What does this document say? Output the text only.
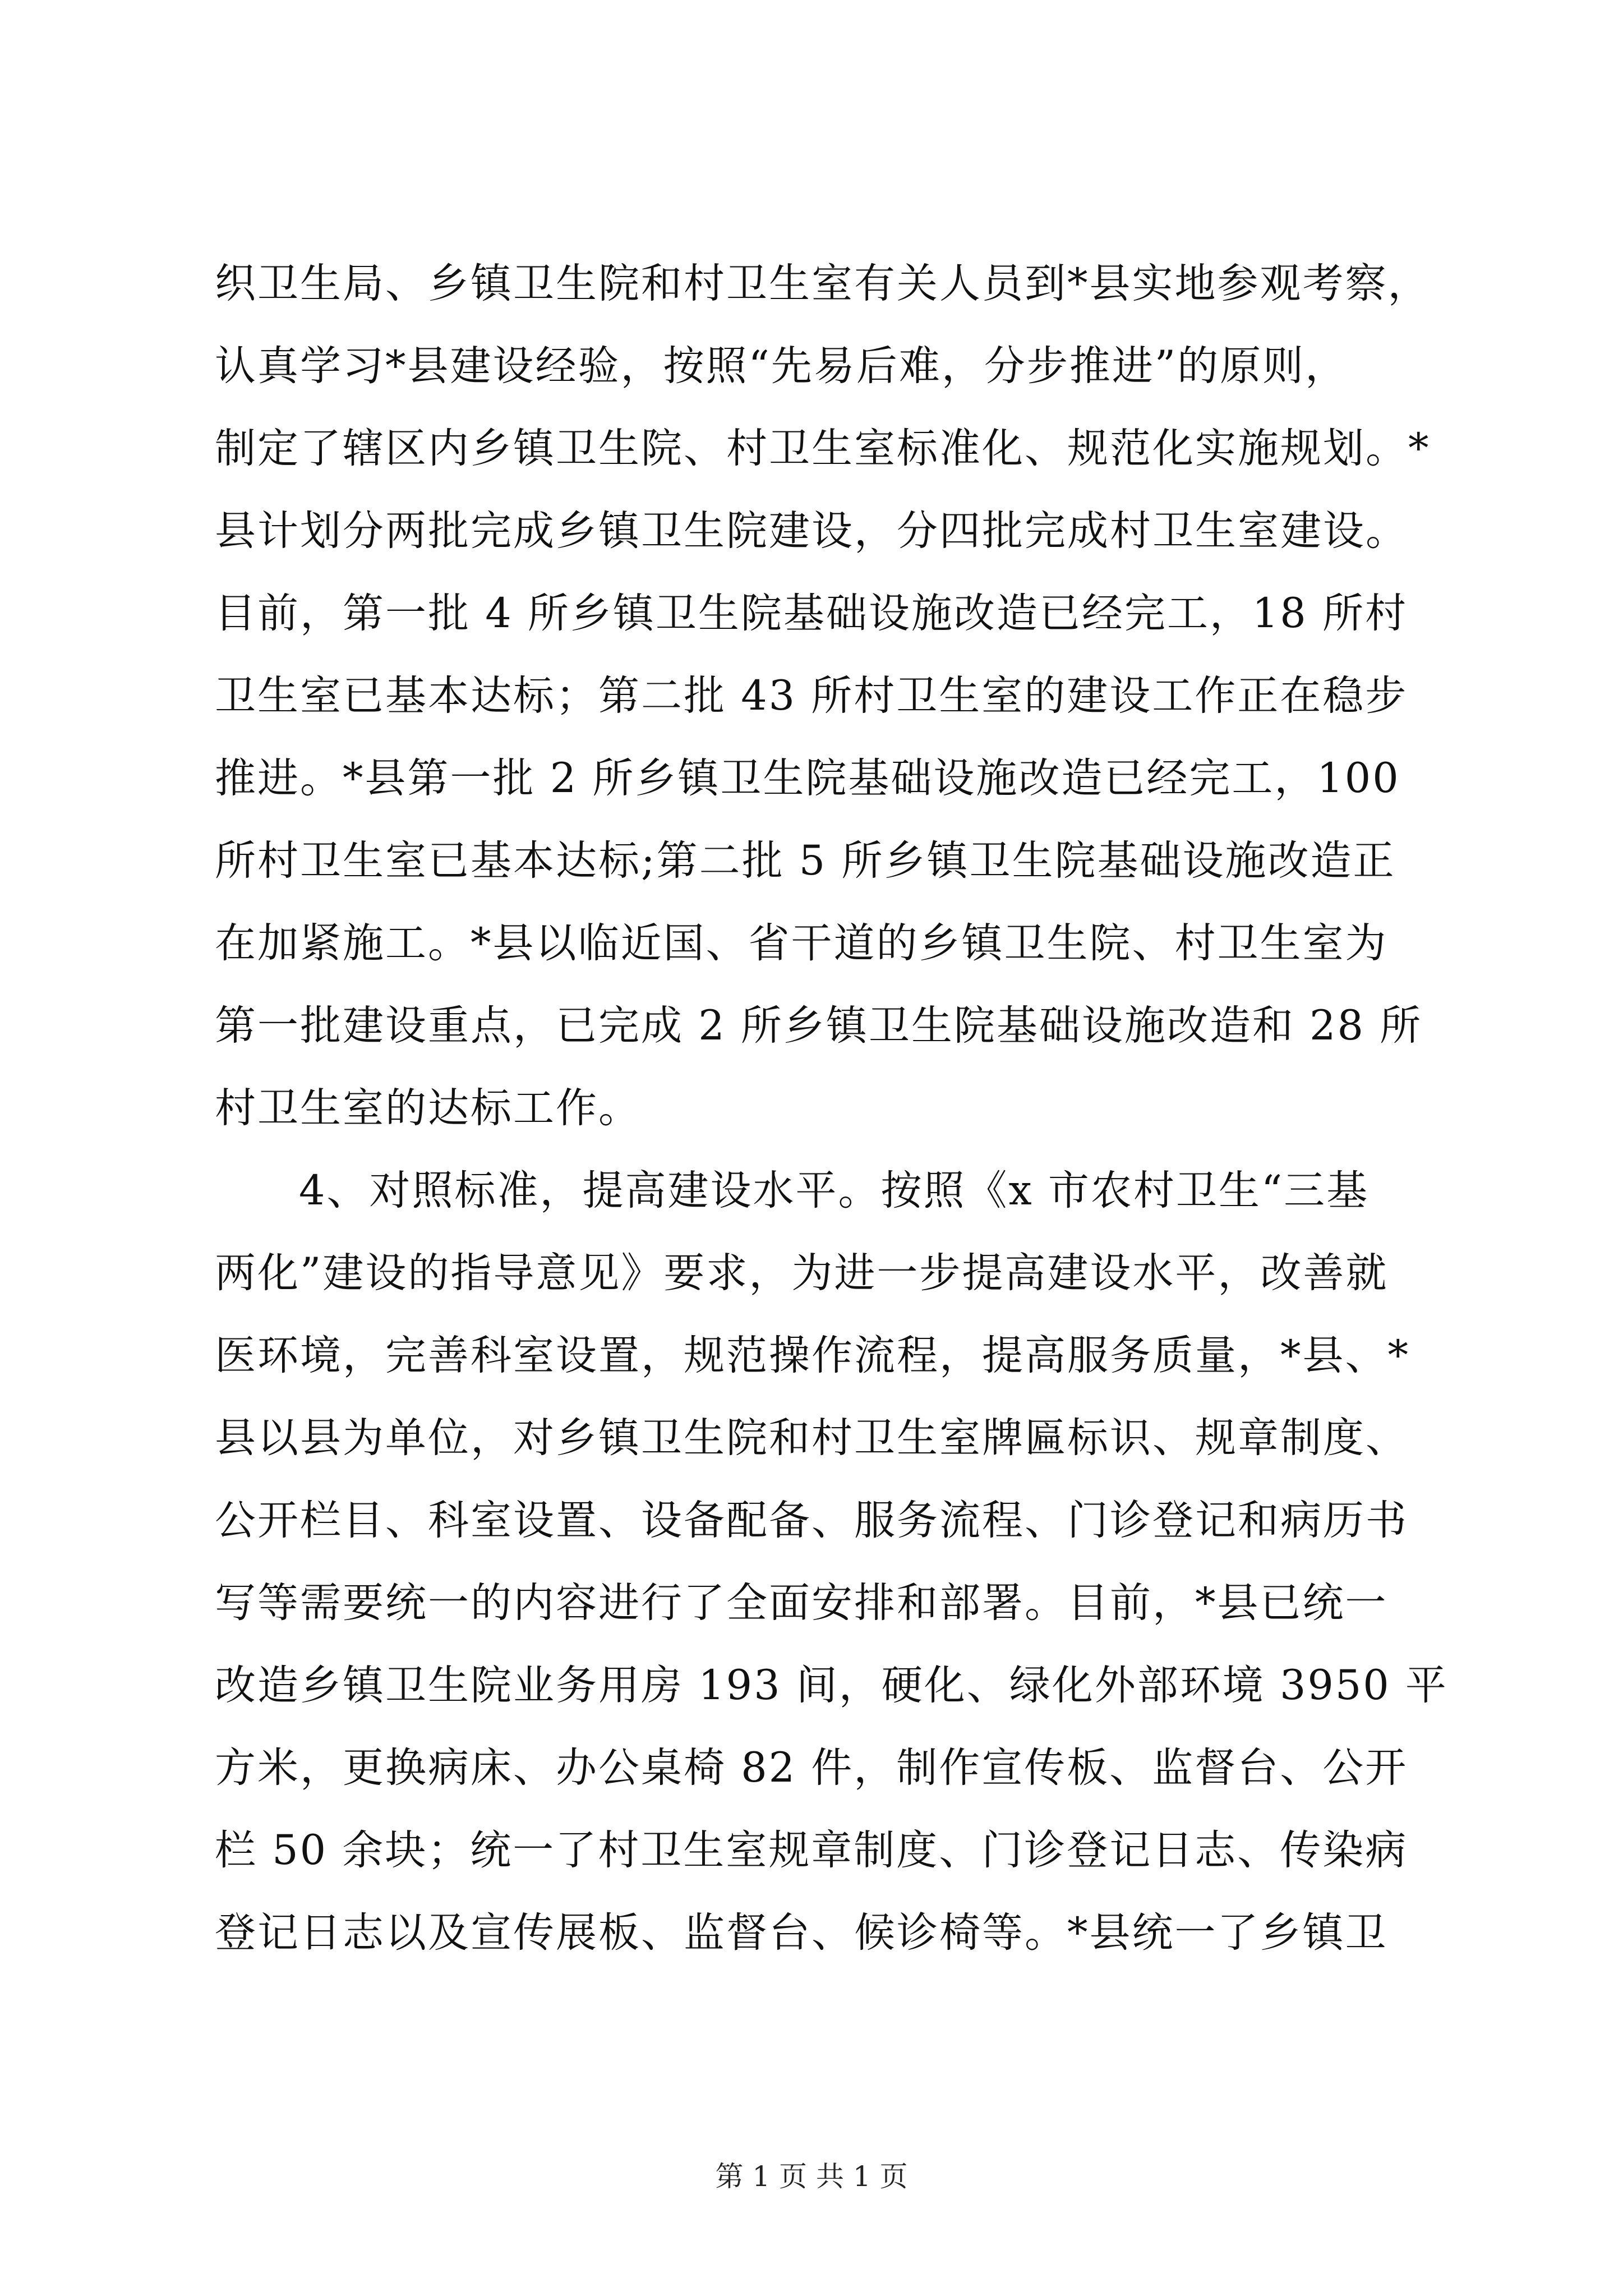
织卫生局、乡镇卫生院和村卫生室有关人员到*县实地参观考察，
认真学习*县建设经验，按照“先易后难，分步推进”的原则，
制定了辖区内乡镇卫生院、村卫生室标准化、规范化实施规划。*
县计划分两批完成乡镇卫生院建设，分四批完成村卫生室建设。
目前，第一批 4 所乡镇卫生院基础设施改造已经完工，18 所村
卫生室已基本达标；第二批 43 所村卫生室的建设工作正在稳步
推进。*县第一批 2 所乡镇卫生院基础设施改造已经完工，100
所村卫生室已基本达标;第二批 5 所乡镇卫生院基础设施改造正
在加紧施工。*县以临近国、省干道的乡镇卫生院、村卫生室为
第一批建设重点，已完成 2 所乡镇卫生院基础设施改造和 28 所
村卫生室的达标工作。
4、对照标准，提高建设水平。按照《x 市农村卫生“三基
两化”建设的指导意见》要求，为进一步提高建设水平，改善就
医环境，完善科室设置，规范操作流程，提高服务质量，*县、*
县以县为单位，对乡镇卫生院和村卫生室牌匾标识、规章制度、
公开栏目、科室设置、设备配备、服务流程、门诊登记和病历书
写等需要统一的内容进行了全面安排和部署。目前，*县已统一
改造乡镇卫生院业务用房 193 间，硬化、绿化外部环境 3950 平
方米，更换病床、办公桌椅 82 件，制作宣传板、监督台、公开
栏 50 余块；统一了村卫生室规章制度、门诊登记日志、传染病
登记日志以及宣传展板、监督台、候诊椅等。*县统一了乡镇卫
第 1 页 共 1 页
